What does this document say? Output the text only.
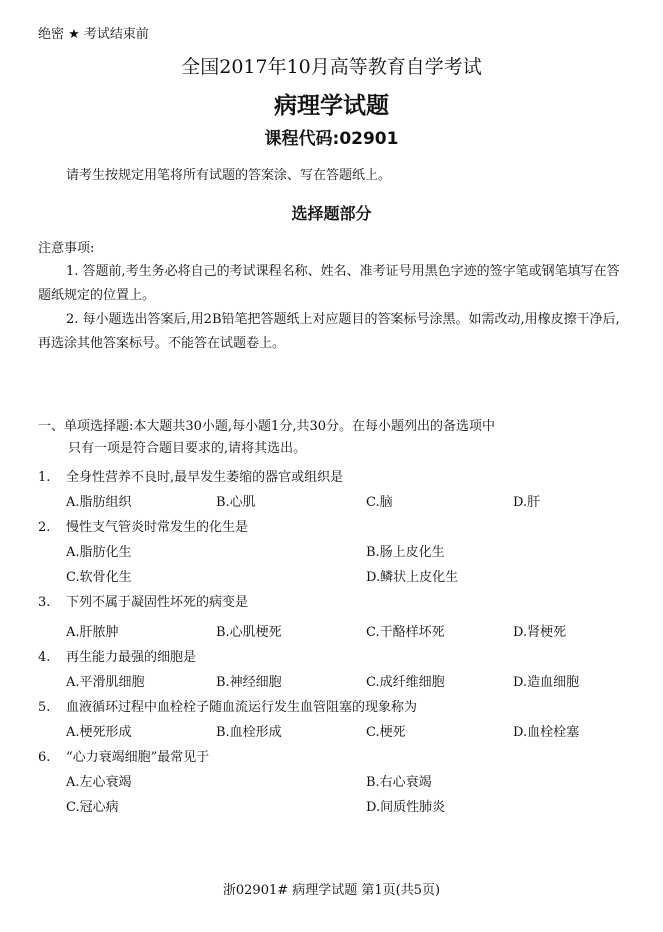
绝密 ★ 考试结束前
全国2017年10月高等教育自学考试
病理学试题
课程代码:02901
请考生按规定用笔将所有试题的答案涂、写在答题纸上。
选择题部分
注意事项:
1. 答题前,考生务必将自己的考试课程名称、姓名、准考证号用黑色字迹的签字笔或钢笔填写在答题纸规定的位置上。
2. 每小题选出答案后,用2B铅笔把答题纸上对应题目的答案标号涂黑。如需改动,用橡皮擦干净后,再选涂其他答案标号。不能答在试题卷上。
一、单项选择题:本大题共30小题,每小题1分,共30分。在每小题列出的备选项中
只有一项是符合题目要求的,请将其选出。
1. 全身性营养不良时,最早发生萎缩的器官或组织是
A.脂肪组织	B.心肌	C.脑	D.肝
2. 慢性支气管炎时常发生的化生是
A.脂肪化生	B.肠上皮化生
C.软骨化生	D.鳞状上皮化生
3. 下列不属于凝固性坏死的病变是
A.肝脓肿	B.心肌梗死	C.干酪样坏死	D.肾梗死
4. 再生能力最强的细胞是
A.平滑肌细胞	B.神经细胞	C.成纤维细胞	D.造血细胞
5. 血液循环过程中血栓栓子随血流运行发生血管阻塞的现象称为
A.梗死形成	B.血栓形成	C.梗死	D.血栓栓塞
6. “心力衰竭细胞”最常见于
A.左心衰竭	B.右心衰竭
C.冠心病	D.间质性肺炎
浙02901# 病理学试题 第1页(共5页)
